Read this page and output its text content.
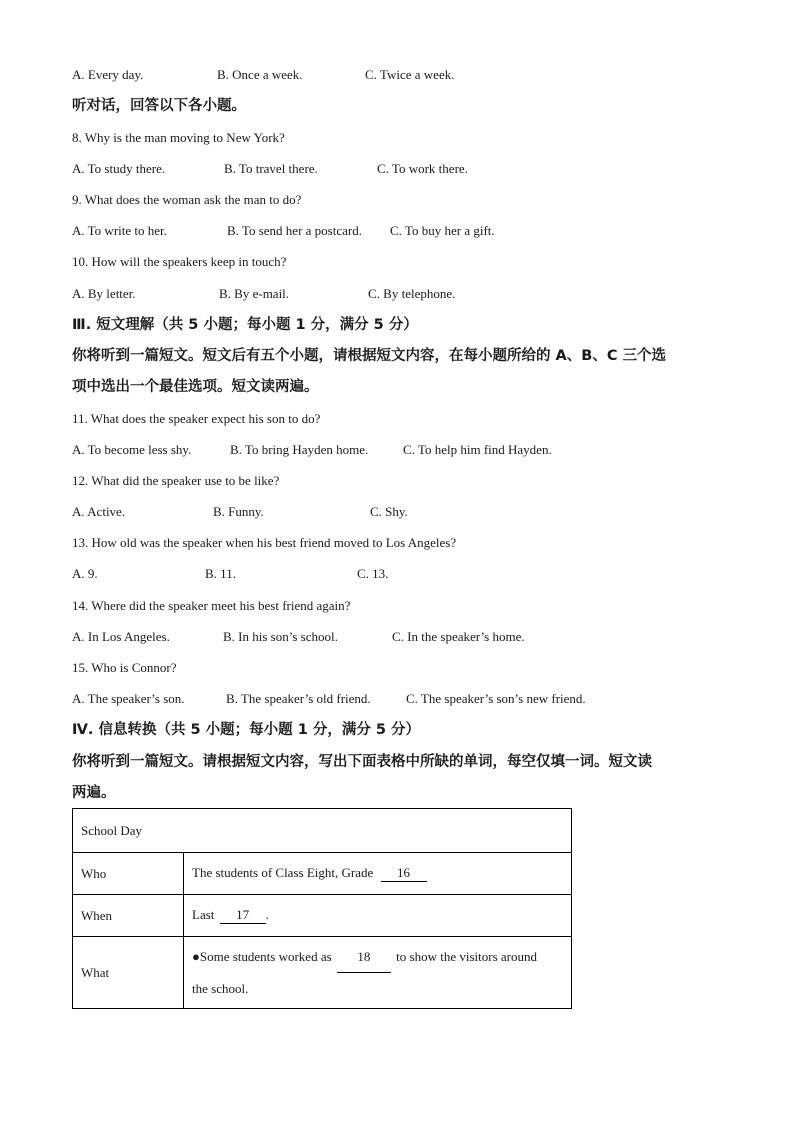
A. Every day.	B. Once a week.	C. Twice a week.
听对话，回答以下各小题。
8. Why is the man moving to New York?
A. To study there.	B. To travel there.	C. To work there.
9. What does the woman ask the man to do?
A. To write to her.	B. To send her a postcard. C. To buy her a gift.
10. How will the speakers keep in touch?
A. By letter.	B. By e-mail.	C. By telephone.
Ⅲ. 短文理解（共 5 小题；每小题 1 分，满分 5 分）
你将听到一篇短文。短文后有五个小题，请根据短文内容，在每小题所给的 A、B、C 三个选
项中选出一个最佳选项。短文读两遍。
11. What does the speaker expect his son to do?
A. To become less shy.	B. To bring Hayden home.	C. To help him find Hayden.
12. What did the speaker use to be like?
A. Active.	B. Funny.	C. Shy.
13. How old was the speaker when his best friend moved to Los Angeles?
A. 9.	B. 11.	C. 13.
14. Where did the speaker meet his best friend again?
A. In Los Angeles.	B. In his son’s school.	C. In the speaker’s home.
15. Who is Connor?
A. The speaker’s son.	B. The speaker’s old friend.	C. The speaker’s son’s new friend.
Ⅳ. 信息转换（共 5 小题；每小题 1 分，满分 5 分）
你将听到一篇短文。请根据短文内容，写出下面表格中所缺的单词，每空仅填一词。短文读
两遍。
School Day	
Who	The students of Class Eight, Grade 16
When	Last 17 .
What	●Some students worked as 18 to show the visitors around
the school.
